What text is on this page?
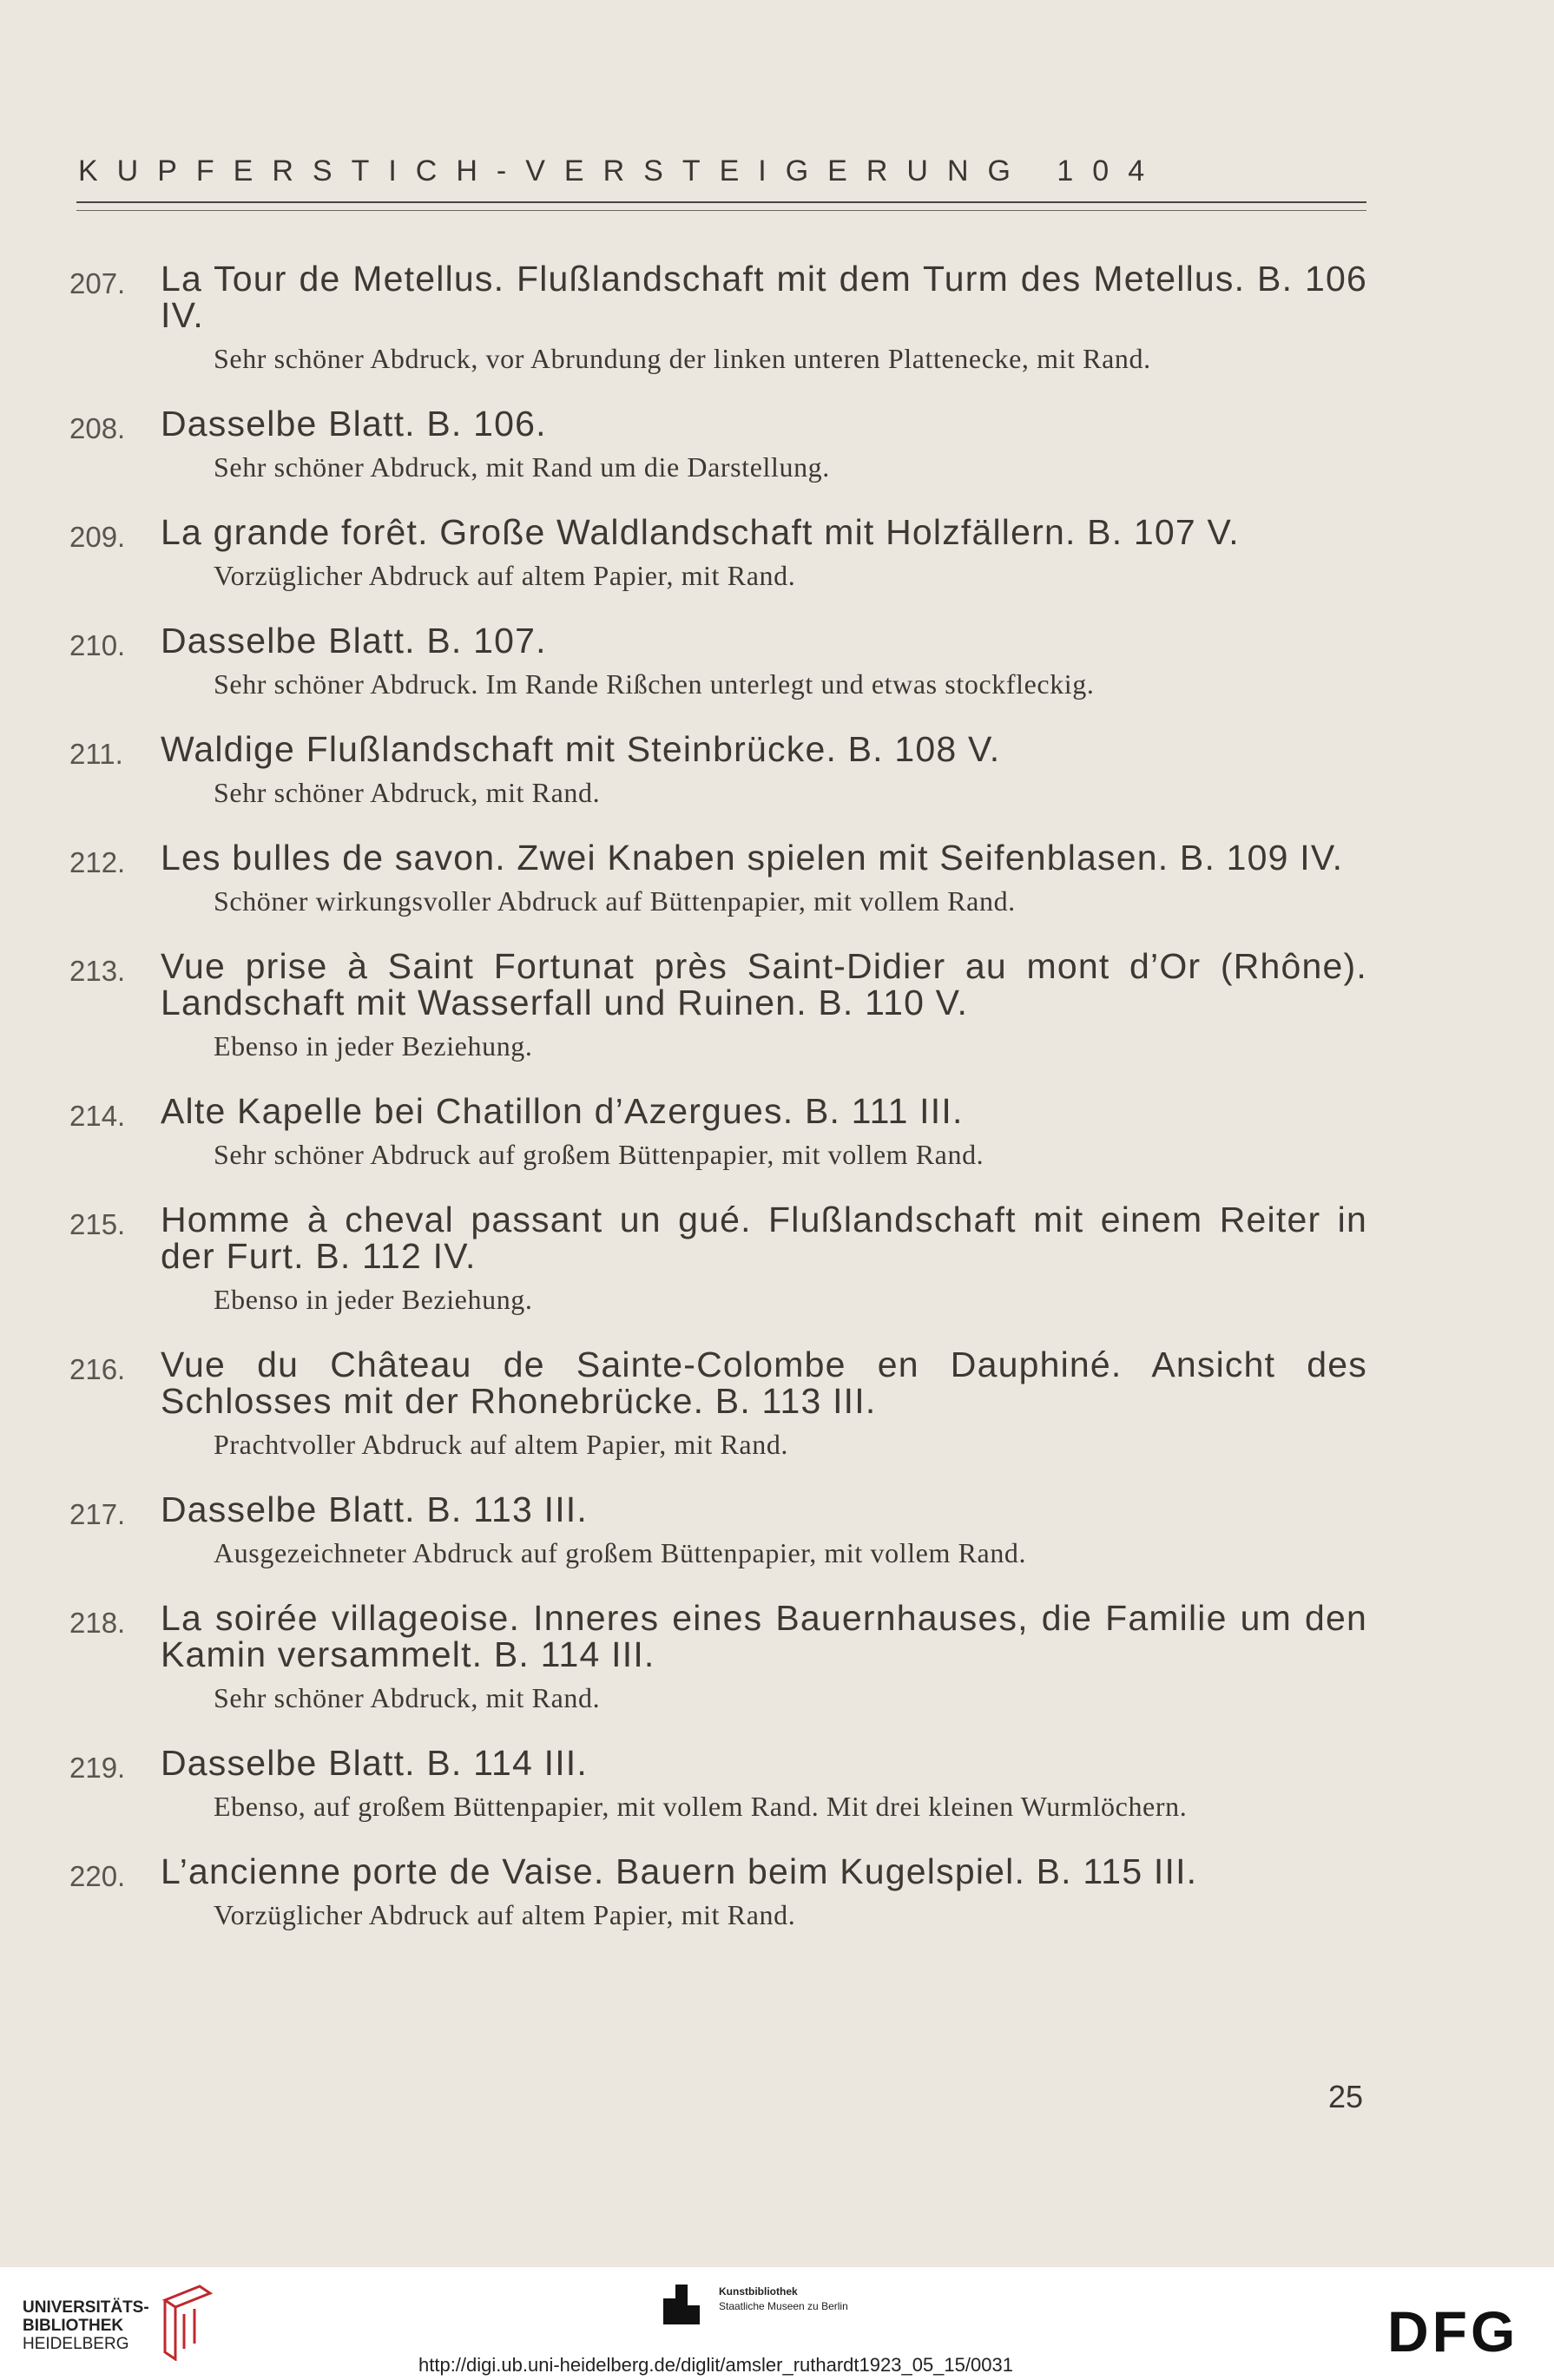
KUPFERSTICH-VERSTEIGERUNG 104
207. La Tour de Metellus. Flußlandschaft mit dem Turm des Metellus. B. 106 IV.
Sehr schöner Abdruck, vor Abrundung der linken unteren Plattenecke, mit Rand.
208. Dasselbe Blatt. B. 106.
Sehr schöner Abdruck, mit Rand um die Darstellung.
209. La grande forêt. Große Waldlandschaft mit Holzfällern. B. 107 V.
Vorzüglicher Abdruck auf altem Papier, mit Rand.
210. Dasselbe Blatt. B. 107.
Sehr schöner Abdruck. Im Rande Rißchen unterlegt und etwas stockfleckig.
211.	Waldige Flußlandschaft mit Steinbrücke. B. 108 V.
Sehr schöner Abdruck, mit Rand.
212. Les bulles de savon. Zwei Knaben spielen mit Seifenblasen. B. 109 IV.
Schöner wirkungsvoller Abdruck auf Büttenpapier, mit vollem Rand.
213. Vue prise à Saint Fortunat près Saint-Didier au mont d’Or (Rhône). Landschaft mit Wasserfall und Ruinen. B. 110 V.
Ebenso in jeder Beziehung.
214. Alte Kapelle bei Chatillon d’Azergues. B. 111 III.
Sehr schöner Abdruck auf großem Büttenpapier, mit vollem Rand.
215. Homme à cheval passant un gué. Flußlandschaft mit einem Reiter in der Furt. B. 112 IV.
Ebenso in jeder Beziehung.
216. Vue du Château de Sainte-Colombe en Dauphiné. Ansicht des Schlosses mit der Rhonebrücke. B. 113 III.
Prachtvoller Abdruck auf altem Papier, mit Rand.
217. Dasselbe Blatt. B. 113 III.
Ausgezeichneter Abdruck auf großem Büttenpapier, mit vollem Rand.
218. La soirée villageoise. Inneres eines Bauernhauses, die Familie um den Kamin versammelt. B. 114 III.
Sehr schöner Abdruck, mit Rand.
219. Dasselbe Blatt. B. 114 III.
Ebenso, auf großem Büttenpapier, mit vollem Rand. Mit drei kleinen Wurmlöchern.
220. L’ancienne porte de Vaise. Bauern beim Kugelspiel. B. 115 III.
Vorzüglicher Abdruck auf altem Papier, mit Rand.
25
UNIVERSITÄTS-
BIBLIOTHEK
HEIDELBERG
Kunstbibliothek
Staatliche Museen zu Berlin	DFG
http://digi.ub.uni-heidelberg.de/diglit/amsler_ruthardt1923_05_15/0031
